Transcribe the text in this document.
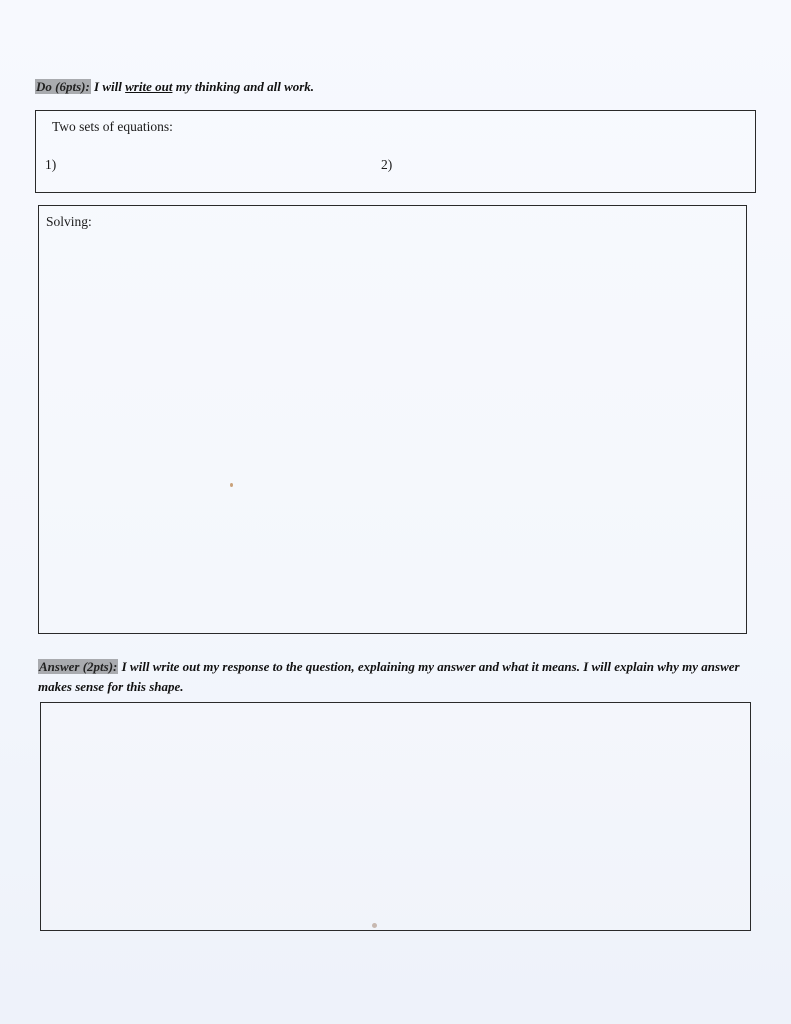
Do (6pts): I will write out my thinking and all work.
Two sets of equations:
1)	2)
Solving:
Answer (2pts): I will write out my response to the question, explaining my answer and what it means. I will explain why my answer makes sense for this shape.
